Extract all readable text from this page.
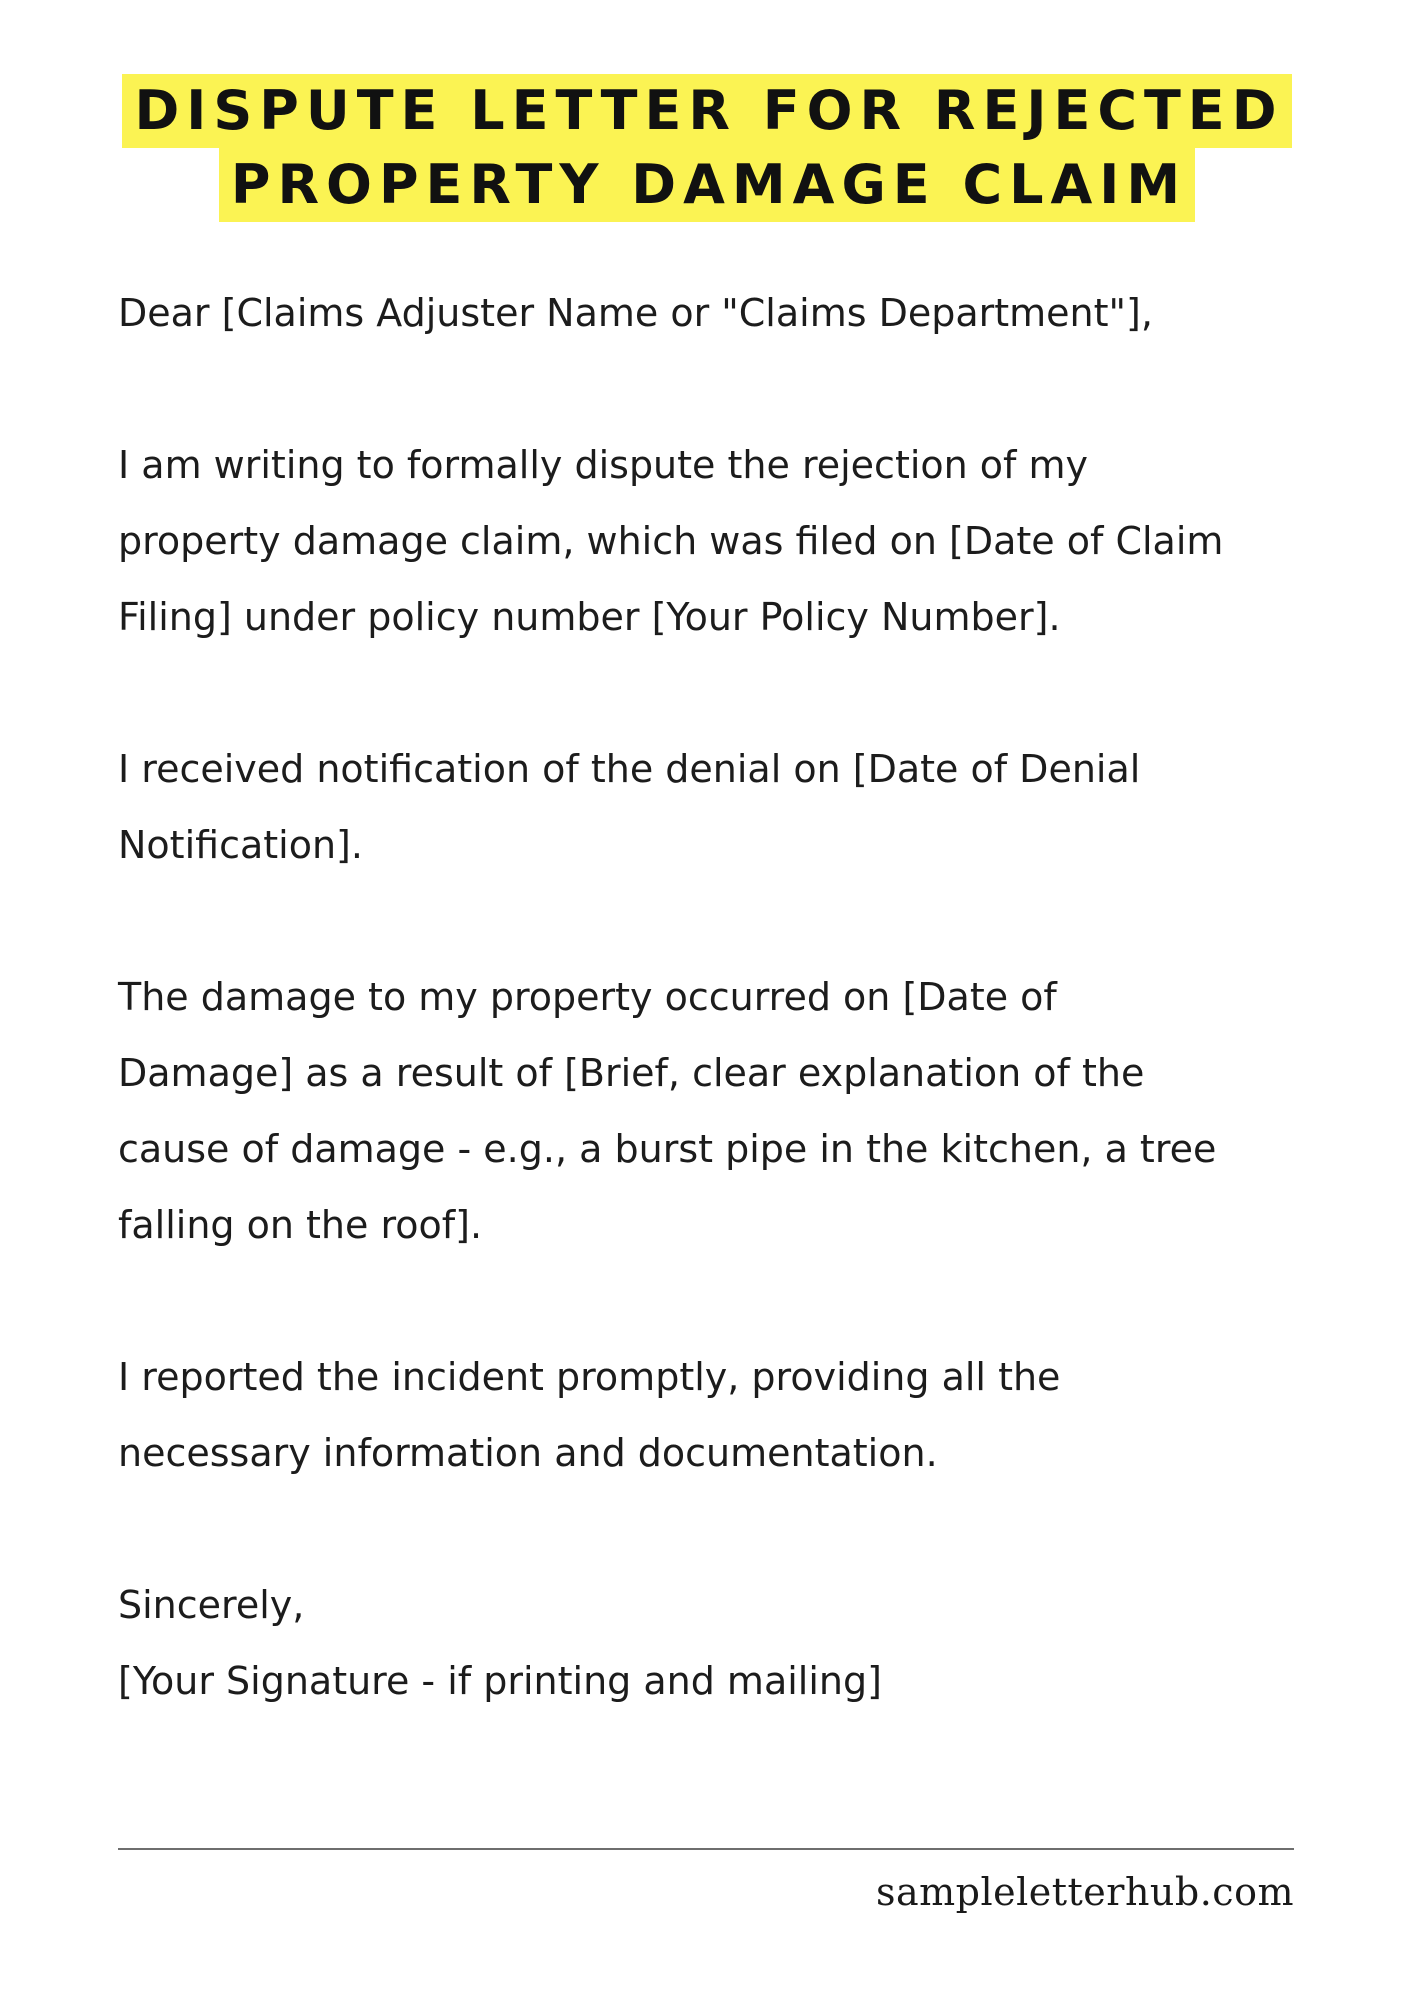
DISPUTE LETTER FOR REJECTED
PROPERTY DAMAGE CLAIM

Dear [Claims Adjuster Name or "Claims Department"],

I am writing to formally dispute the rejection of my

property damage claim, which was filed on [Date of Claim

Filing] under policy number [Your Policy Number].

I received notification of the denial on [Date of Denial

Notification].

The damage to my property occurred on [Date of

Damage] as a result of [Brief, clear explanation of the

cause of damage - e.g., a burst pipe in the kitchen, a tree

falling on the roof].

I reported the incident promptly, providing all the

necessary information and documentation.

Sincerely,

[Your Signature - if printing and mailing]

sampleletterhub.com
